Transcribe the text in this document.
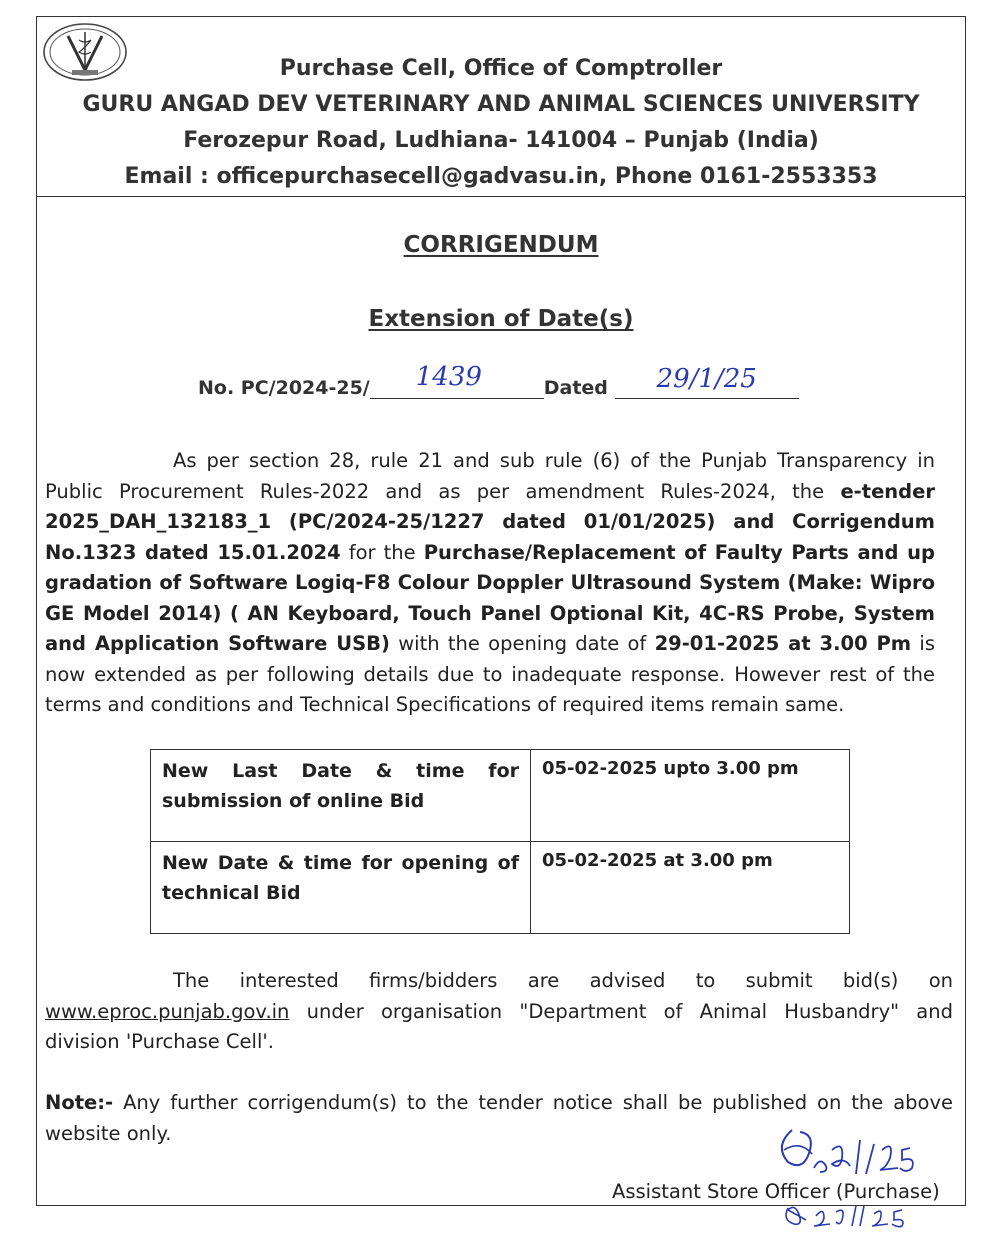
Purchase Cell, Office of Comptroller
GURU ANGAD DEV VETERINARY AND ANIMAL SCIENCES UNIVERSITY
Ferozepur Road, Ludhiana- 141004 – Punjab (India)
Email : officepurchasecell@gadvasu.in, Phone 0161-2553353
CORRIGENDUM
Extension of Date(s)
No. PC/2024-25/ 1439	Dated 29/1/25
As per section 28, rule 21 and sub rule (6) of the Punjab Transparency in Public Procurement Rules-2022 and as per amendment Rules-2024, the e-tender 2025_DAH_132183_1 (PC/2024-25/1227 dated 01/01/2025) and Corrigendum No.1323 dated 15.01.2024 for the Purchase/Replacement of Faulty Parts and up gradation of Software Logiq-F8 Colour Doppler Ultrasound System (Make: Wipro GE Model 2014) ( AN Keyboard, Touch Panel Optional Kit, 4C-RS Probe, System and Application Software USB) with the opening date of 29-01-2025 at 3.00 Pm is now extended as per following details due to inadequate response. However rest of the terms and conditions and Technical Specifications of required items remain same.
New Last Date & time for submission of online Bid	05-02-2025 upto 3.00 pm
New Date & time for opening of technical Bid	05-02-2025 at 3.00 pm
The interested firms/bidders are advised to submit bid(s) on www.eproc.punjab.gov.in under organisation "Department of Animal Husbandry" and division 'Purchase Cell'.
Note:- Any further corrigendum(s) to the tender notice shall be published on the above website only.
Assistant Store Officer (Purchase)
